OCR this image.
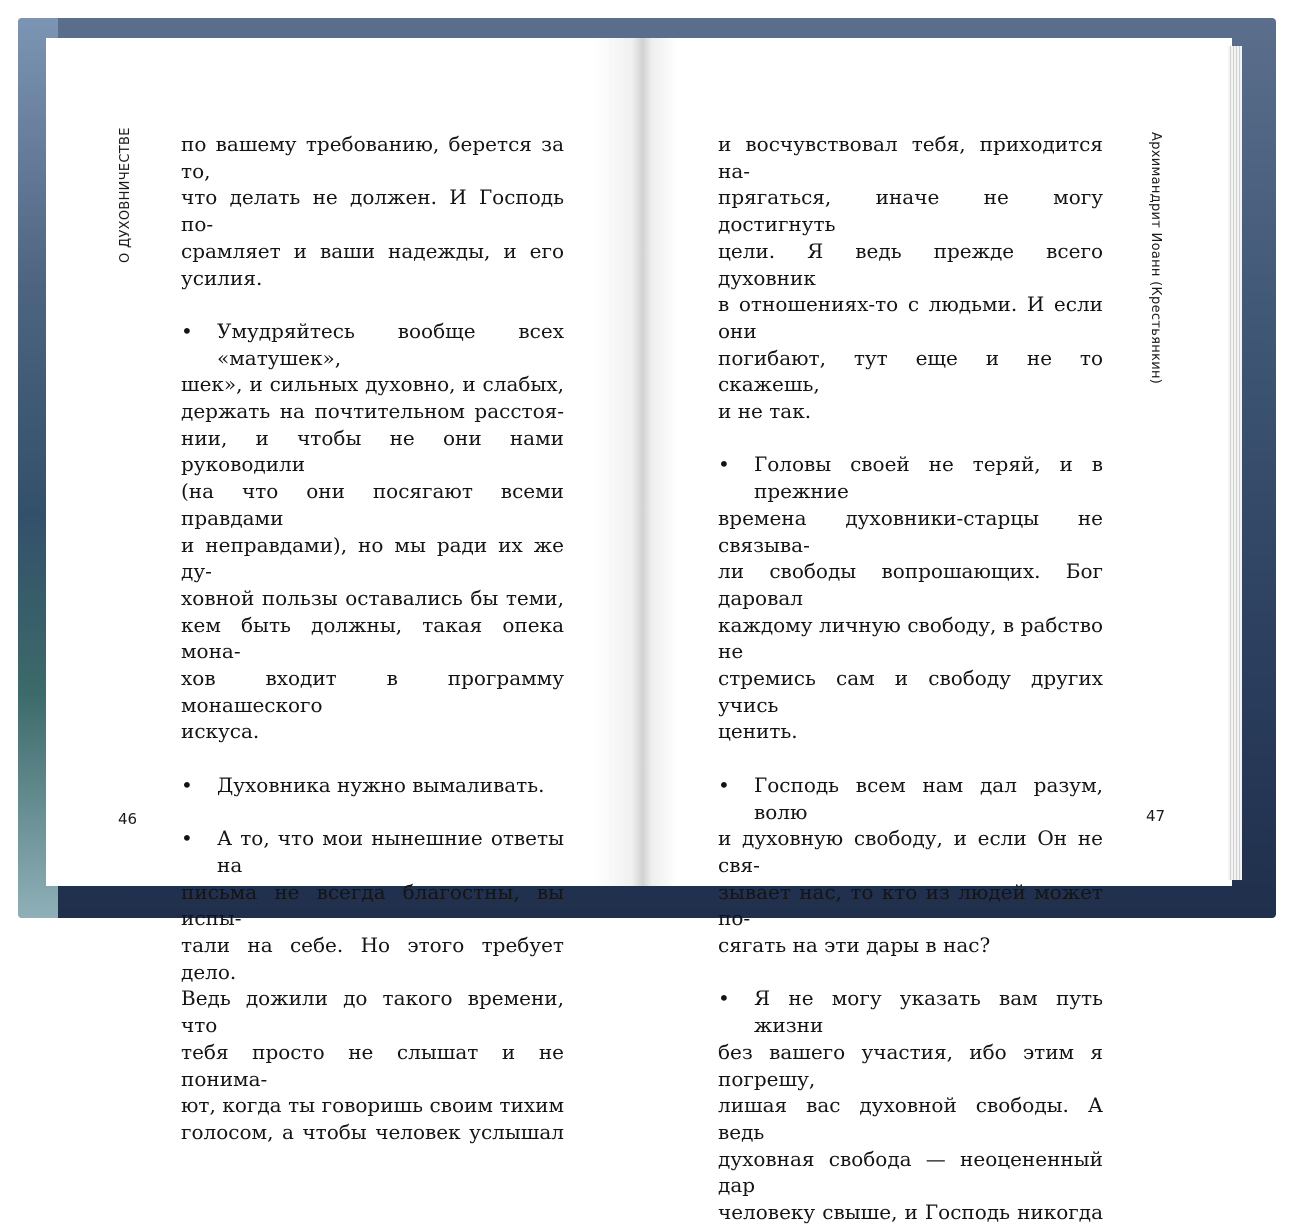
О ДУХОВНИЧЕСТВЕ	Архимандрит Иоанн (Крестьянкин)

по вашему требованию, берется за то,

что делать не должен. И Господь по-

срамляет и ваши надежды, и его усилия.

•	Умудряйтесь вообще всех «матушек»,

шек», и сильных духовно, и слабых,

держать на почтительном расстоя-

нии, и чтобы не они нами руководили

(на что они посягают всеми правдами

и неправдами), но мы ради их же ду-

ховной пользы оставались бы теми,

кем быть должны, такая опека мона-

хов входит в программу монашеского

искуса.

•	Духовника нужно вымаливать.

•	А то, что мои нынешние ответы на

письма не всегда благостны, вы испы-

тали на себе. Но этого требует дело.

Ведь дожили до такого времени, что

тебя просто не слышат и не понима-

ют, когда ты говоришь своим тихим

голосом, а чтобы человек услышал

и восчувствовал тебя, приходится на-

прягаться, иначе не могу достигнуть

цели. Я ведь прежде всего духовник

в отношениях-то с людьми. И если они

погибают, тут еще и не то скажешь,

и не так.

•	Головы своей не теряй, и в прежние

времена духовники-старцы не связыва-

ли свободы вопрошающих. Бог даровал

каждому личную свободу, в рабство не

стремись сам и свободу других учись

ценить.

•	Господь всем нам дал разум, волю

и духовную свободу, и если Он не свя-

зывает нас, то кто из людей может по-

сягать на эти дары в нас?

•	Я не могу указать вам путь жизни

без вашего участия, ибо этим я погрешу,

лишая вас духовной свободы. А ведь

духовная свобода — неоцененный дар

человеку свыше, и Господь никогда

46	47
